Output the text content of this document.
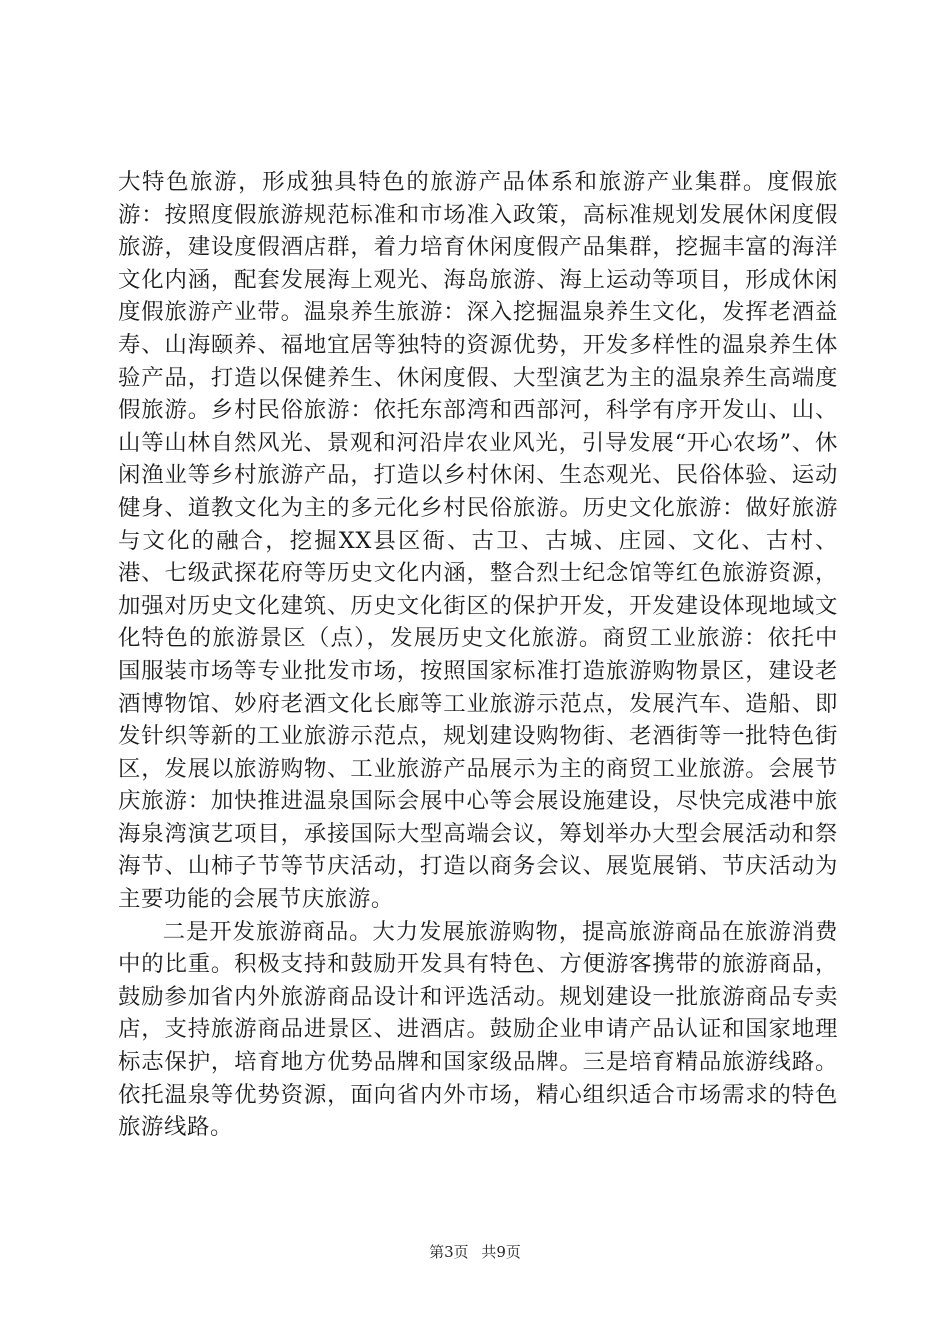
大特色旅游，形成独具特色的旅游产品体系和旅游产业集群。度假旅游：按照度假旅游规范标准和市场准入政策，高标准规划发展休闲度假旅游，建设度假酒店群，着力培育休闲度假产品集群，挖掘丰富的海洋文化内涵，配套发展海上观光、海岛旅游、海上运动等项目，形成休闲度假旅游产业带。温泉养生旅游：深入挖掘温泉养生文化，发挥老酒益寿、山海颐养、福地宜居等独特的资源优势，开发多样性的温泉养生体验产品，打造以保健养生、休闲度假、大型演艺为主的温泉养生高端度假旅游。乡村民俗旅游：依托东部湾和西部河，科学有序开发山、山、山等山林自然风光、景观和河沿岸农业风光，引导发展“开心农场”、休闲渔业等乡村旅游产品，打造以乡村休闲、生态观光、民俗体验、运动健身、道教文化为主的多元化乡村民俗旅游。历史文化旅游：做好旅游与文化的融合，挖掘XX县区衙、古卫、古城、庄园、文化、古村、港、七级武探花府等历史文化内涵，整合烈士纪念馆等红色旅游资源，加强对历史文化建筑、历史文化街区的保护开发，开发建设体现地域文化特色的旅游景区（点），发展历史文化旅游。商贸工业旅游：依托中国服装市场等专业批发市场，按照国家标准打造旅游购物景区，建设老酒博物馆、妙府老酒文化长廊等工业旅游示范点，发展汽车、造船、即发针织等新的工业旅游示范点，规划建设购物街、老酒街等一批特色街区，发展以旅游购物、工业旅游产品展示为主的商贸工业旅游。会展节庆旅游：加快推进温泉国际会展中心等会展设施建设，尽快完成港中旅海泉湾演艺项目，承接国际大型高端会议，筹划举办大型会展活动和祭海节、山柿子节等节庆活动，打造以商务会议、展览展销、节庆活动为主要功能的会展节庆旅游。

二是开发旅游商品。大力发展旅游购物，提高旅游商品在旅游消费中的比重。积极支持和鼓励开发具有特色、方便游客携带的旅游商品，鼓励参加省内外旅游商品设计和评选活动。规划建设一批旅游商品专卖店，支持旅游商品进景区、进酒店。鼓励企业申请产品认证和国家地理标志保护，培育地方优势品牌和国家级品牌。三是培育精品旅游线路。依托温泉等优势资源，面向省内外市场，精心组织适合市场需求的特色旅游线路。

第3页 共9页
